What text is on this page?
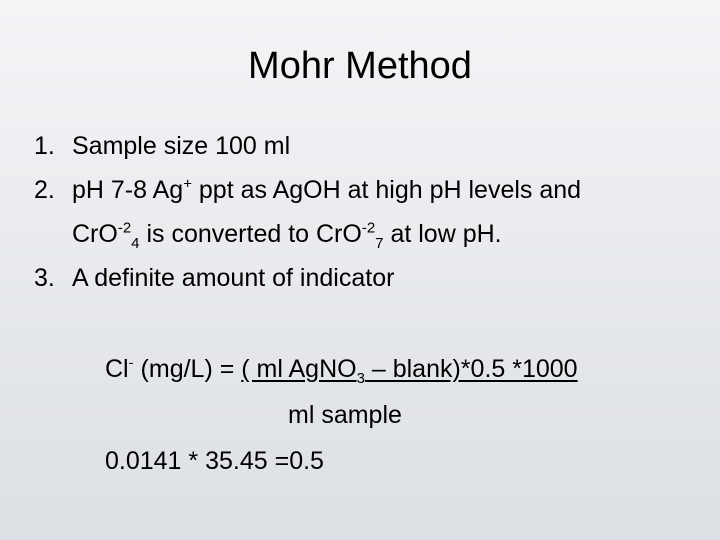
Mohr Method
1. Sample size 100 ml
2. pH 7-8 Ag+ ppt as AgOH at high pH levels and
CrO$^{-2}_4$ is converted to CrO$^{-2}_7$ at low pH.
3. A definite amount of indicator
Cl- (mg/L) = ( ml AgNO$_3$ – blank)*0.5 *1000
ml sample
0.0141 * 35.45 =0.5
